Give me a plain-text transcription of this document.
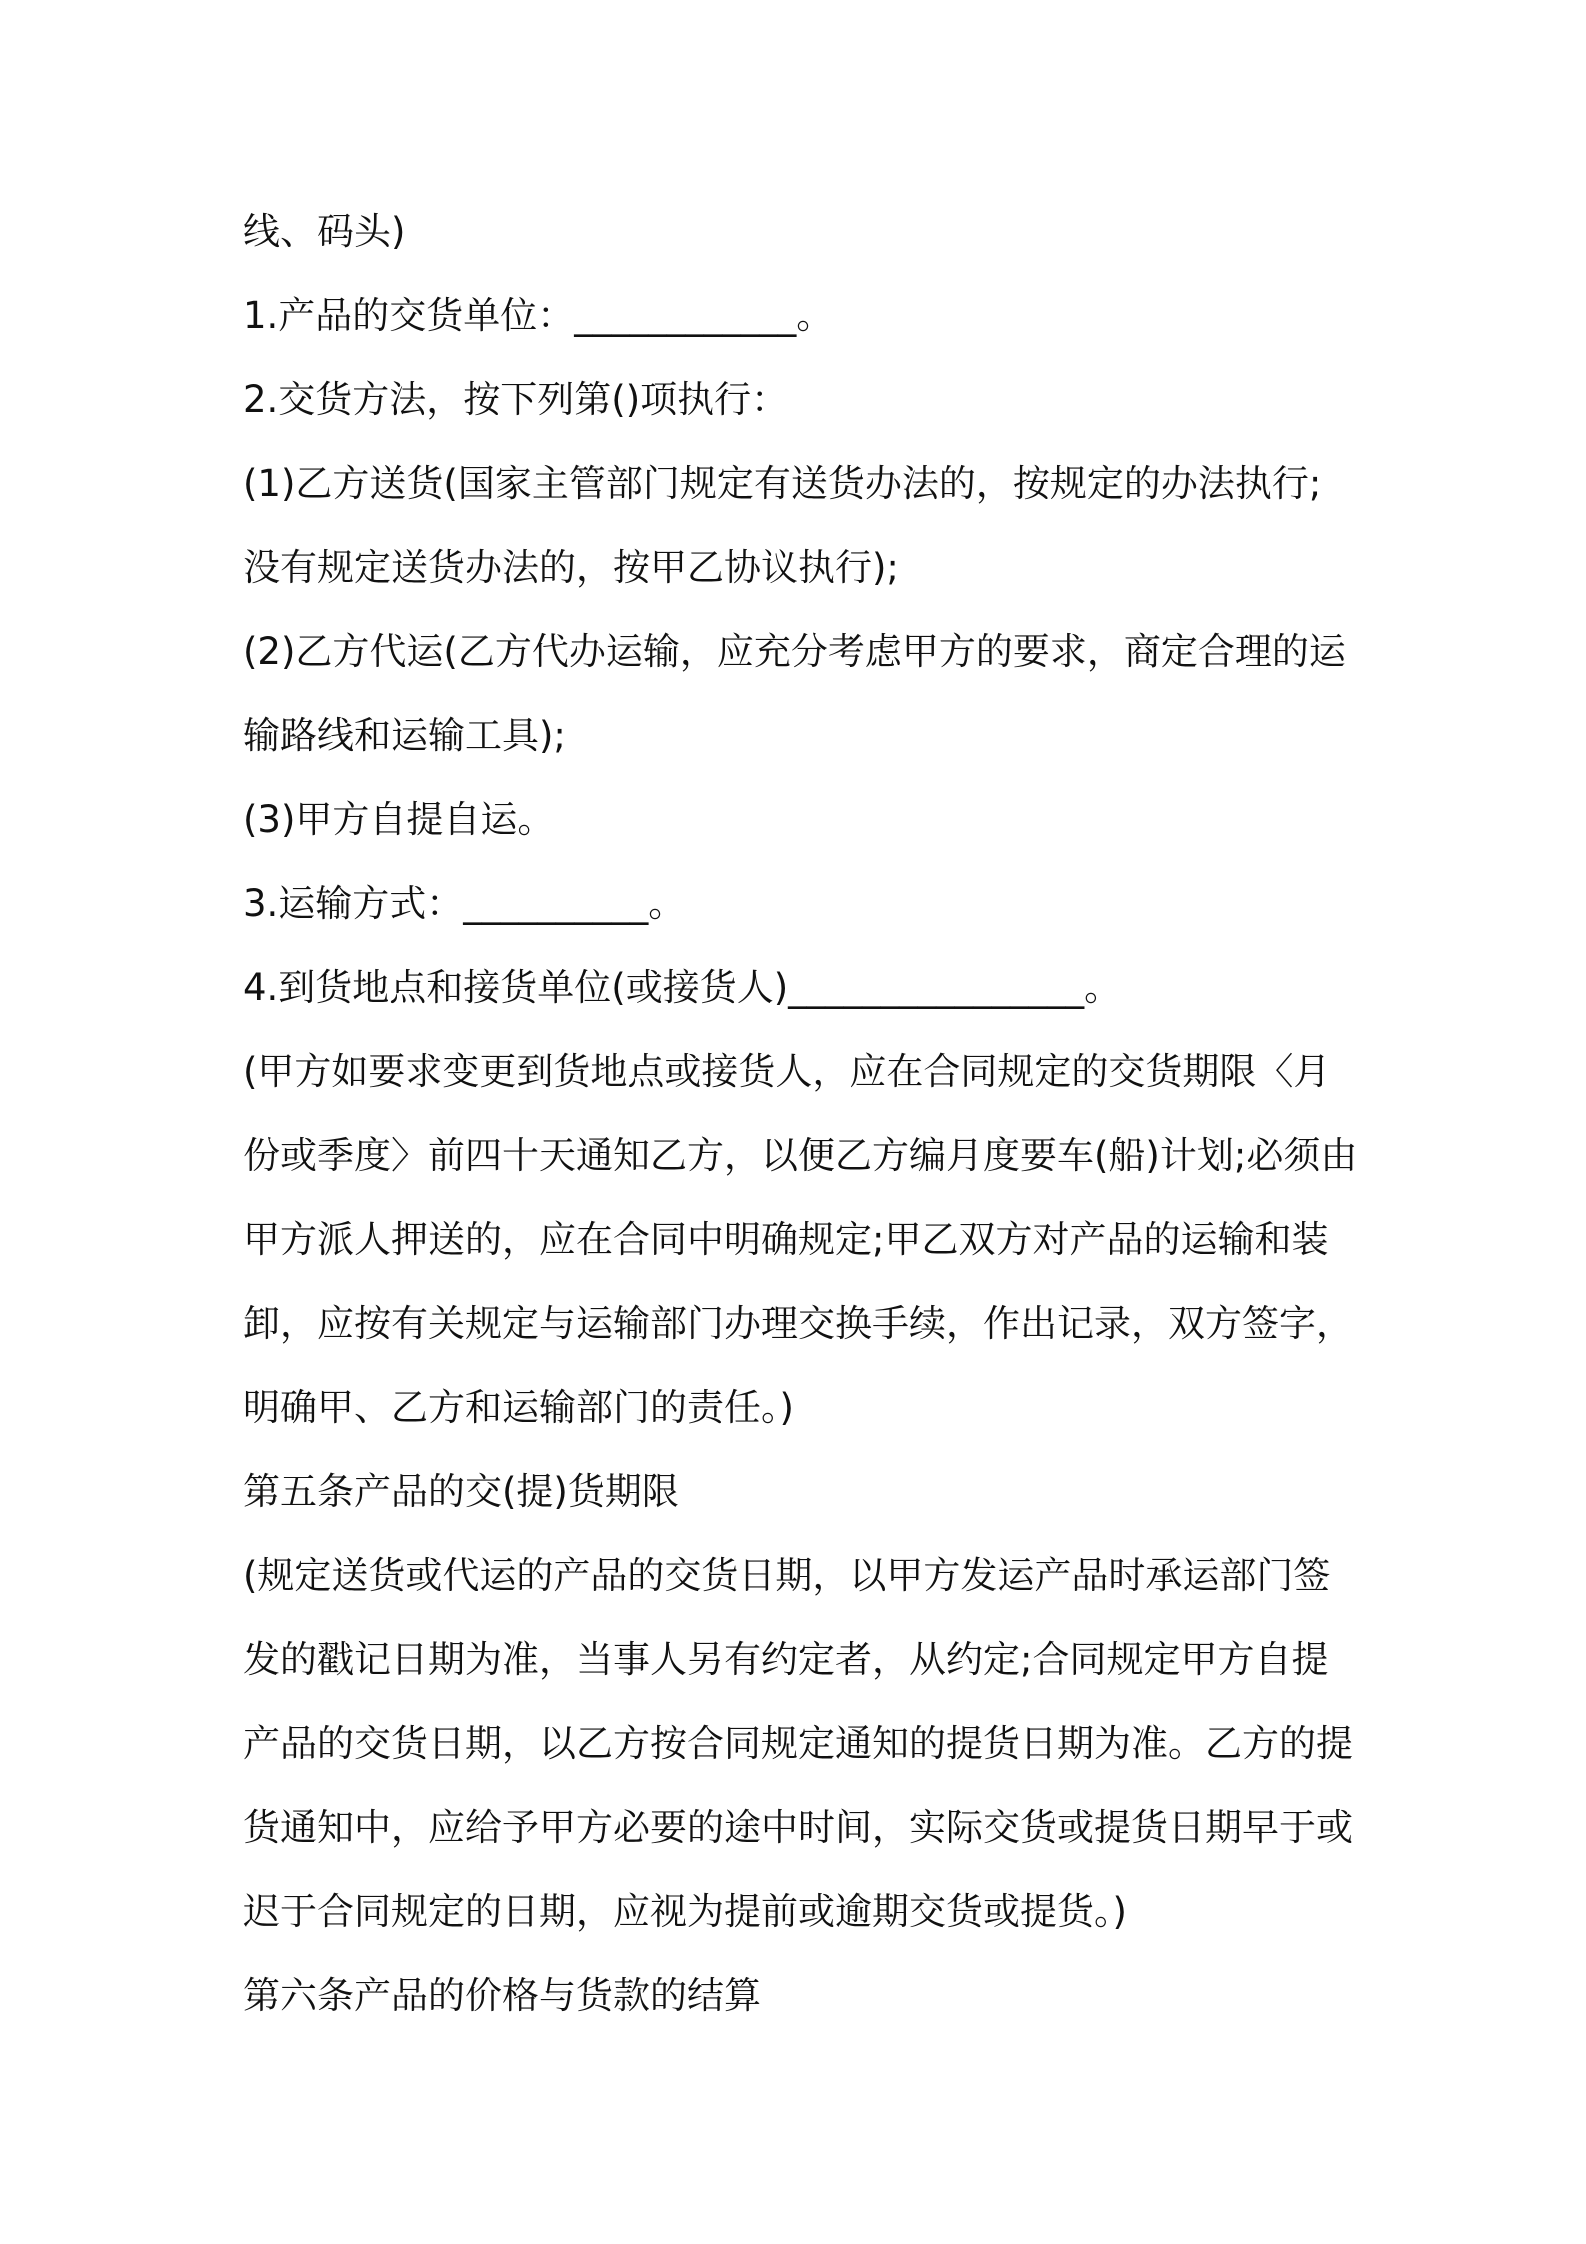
线、码头)
1.产品的交货单位：____________。
2.交货方法，按下列第()项执行：
(1)乙方送货(国家主管部门规定有送货办法的，按规定的办法执行;
没有规定送货办法的，按甲乙协议执行);
(2)乙方代运(乙方代办运输，应充分考虑甲方的要求，商定合理的运
输路线和运输工具);
(3)甲方自提自运。
3.运输方式：__________。
4.到货地点和接货单位(或接货人)________________。
(甲方如要求变更到货地点或接货人，应在合同规定的交货期限〈月
份或季度〉前四十天通知乙方，以便乙方编月度要车(船)计划;必须由
甲方派人押送的，应在合同中明确规定;甲乙双方对产品的运输和装
卸，应按有关规定与运输部门办理交换手续，作出记录，双方签字，
明确甲、乙方和运输部门的责任。)
第五条产品的交(提)货期限
(规定送货或代运的产品的交货日期，以甲方发运产品时承运部门签
发的戳记日期为准，当事人另有约定者，从约定;合同规定甲方自提
产品的交货日期，以乙方按合同规定通知的提货日期为准。乙方的提
货通知中，应给予甲方必要的途中时间，实际交货或提货日期早于或
迟于合同规定的日期，应视为提前或逾期交货或提货。)
第六条产品的价格与货款的结算
